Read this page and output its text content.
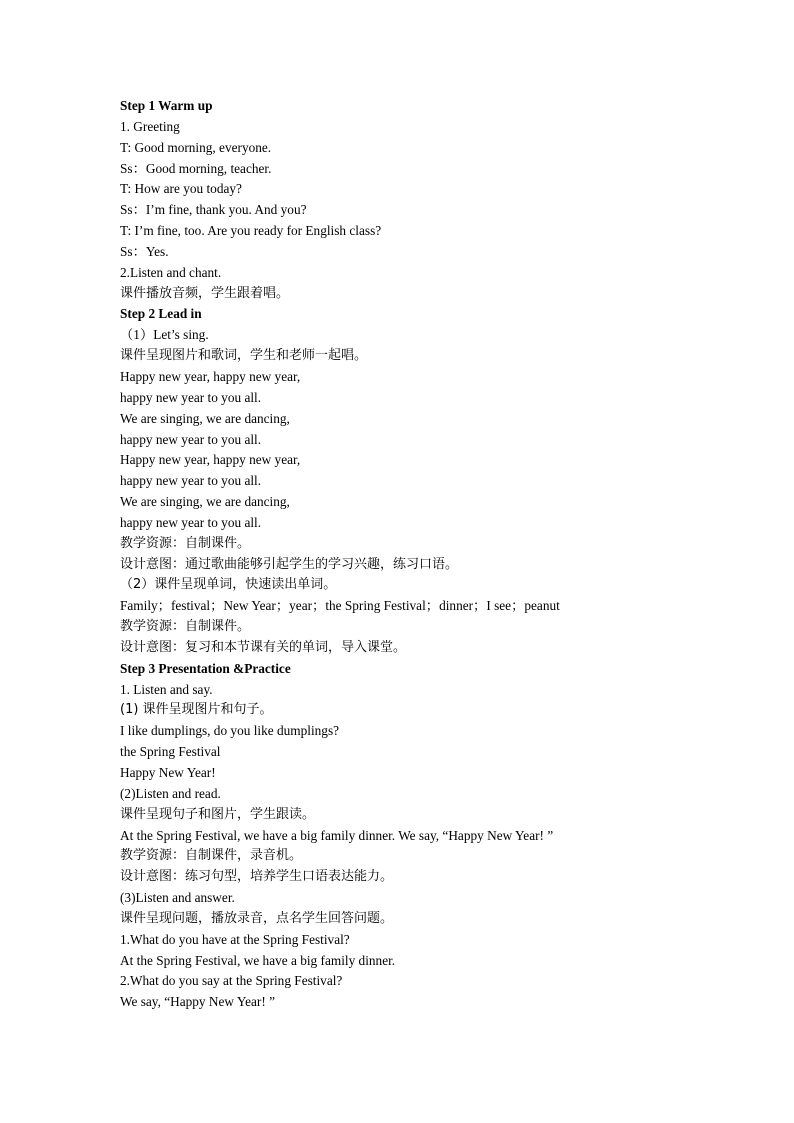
Step 1 Warm up
1. Greeting
T: Good morning, everyone.
Ss：Good morning, teacher.
T: How are you today?
Ss：I’m fine, thank you. And you?
T: I’m fine, too. Are you ready for English class?
Ss：Yes.
2.Listen and chant.
课件播放音频，学生跟着唱。
Step 2 Lead in
（1）Let’s sing.
课件呈现图片和歌词，学生和老师一起唱。
Happy new year, happy new year,
happy new year to you all.
We are singing, we are dancing,
happy new year to you all.
Happy new year, happy new year,
happy new year to you all.
We are singing, we are dancing,
happy new year to you all.
教学资源：自制课件。
设计意图：通过歌曲能够引起学生的学习兴趣，练习口语。
（2）课件呈现单词，快速读出单词。
Family；festival；New Year；year；the Spring Festival；dinner；I see；peanut
教学资源：自制课件。
设计意图：复习和本节课有关的单词，导入课堂。
Step 3 Presentation &Practice
1. Listen and say.
(1) 课件呈现图片和句子。
I like dumplings, do you like dumplings?
the Spring Festival
Happy New Year!
(2)Listen and read.
课件呈现句子和图片，学生跟读。
At the Spring Festival, we have a big family dinner. We say, “Happy New Year! ”
教学资源：自制课件，录音机。
设计意图：练习句型，培养学生口语表达能力。
(3)Listen and answer.
课件呈现问题，播放录音，点名学生回答问题。
1.What do you have at the Spring Festival?
At the Spring Festival, we have a big family dinner.
2.What do you say at the Spring Festival?
We say, “Happy New Year! ”
